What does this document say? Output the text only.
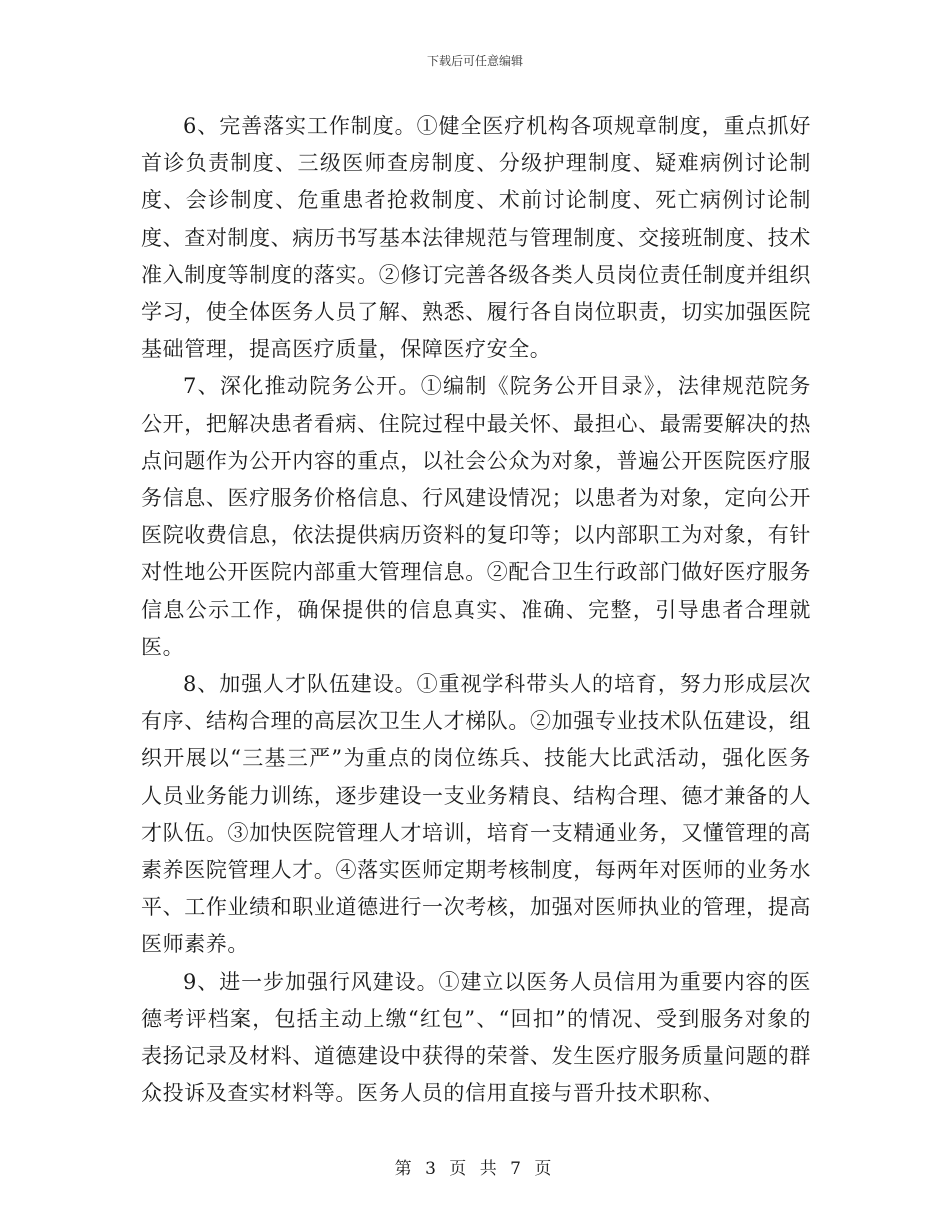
下载后可任意编辑

6、完善落实工作制度。①健全医疗机构各项规章制度，重点抓好首诊负责制度、三级医师查房制度、分级护理制度、疑难病例讨论制度、会诊制度、危重患者抢救制度、术前讨论制度、死亡病例讨论制度、查对制度、病历书写基本法律规范与管理制度、交接班制度、技术准入制度等制度的落实。②修订完善各级各类人员岗位责任制度并组织学习，使全体医务人员了解、熟悉、履行各自岗位职责，切实加强医院基础管理，提高医疗质量，保障医疗安全。

7、深化推动院务公开。①编制《院务公开目录》，法律规范院务公开，把解决患者看病、住院过程中最关怀、最担心、最需要解决的热点问题作为公开内容的重点，以社会公众为对象，普遍公开医院医疗服务信息、医疗服务价格信息、行风建设情况；以患者为对象，定向公开医院收费信息，依法提供病历资料的复印等；以内部职工为对象，有针对性地公开医院内部重大管理信息。②配合卫生行政部门做好医疗服务信息公示工作，确保提供的信息真实、准确、完整，引导患者合理就医。

8、加强人才队伍建设。①重视学科带头人的培育，努力形成层次有序、结构合理的高层次卫生人才梯队。②加强专业技术队伍建设，组织开展以“三基三严”为重点的岗位练兵、技能大比武活动，强化医务人员业务能力训练，逐步建设一支业务精良、结构合理、德才兼备的人才队伍。③加快医院管理人才培训，培育一支精通业务，又懂管理的高素养医院管理人才。④落实医师定期考核制度，每两年对医师的业务水平、工作业绩和职业道德进行一次考核，加强对医师执业的管理，提高医师素养。

9、进一步加强行风建设。①建立以医务人员信用为重要内容的医德考评档案，包括主动上缴“红包”、“回扣”的情况、受到服务对象的表扬记录及材料、道德建设中获得的荣誉、发生医疗服务质量问题的群众投诉及查实材料等。医务人员的信用直接与晋升技术职称、

第 3 页 共 7 页
